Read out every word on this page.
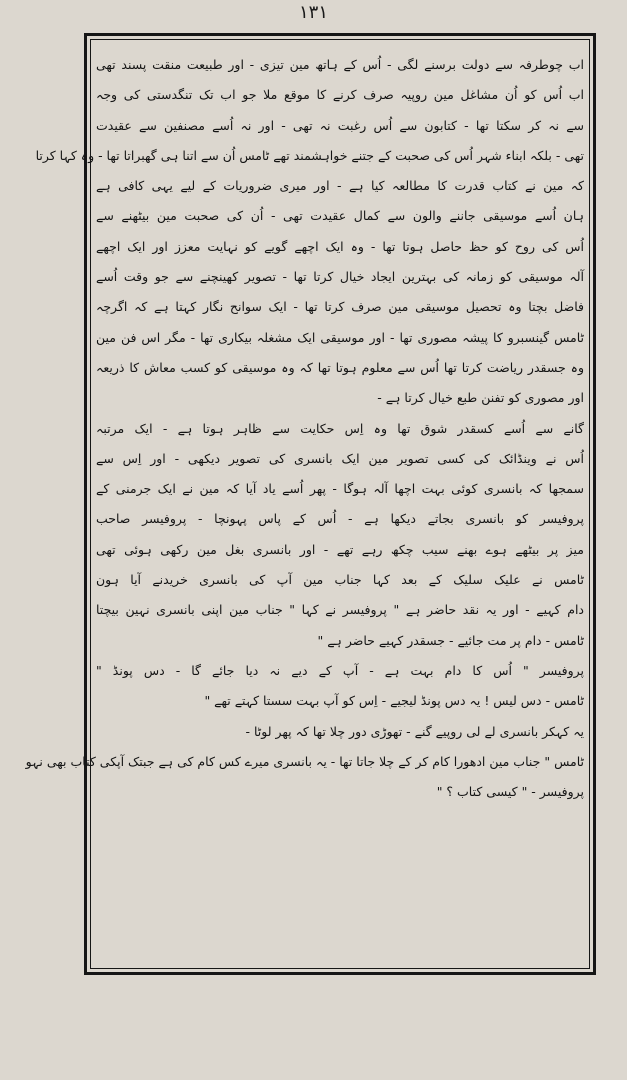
۱۳۱
اب چوطرفہ سے دولت برسنے لگی - اُس کے ہاتھ مین تیزی - اور طبیعت منقت پسند تھی
اب اُس کو اُن مشاغل مین روپیہ صرف کرنے کا موقع ملا جو اب تک تنگدستی کی وجہ
سے نہ کر سکتا تھا - کتابون سے اُس رغبت نہ تھی - اور نہ اُسے مصنفین سے عقیدت
تھی - بلکہ ابناء شہر اُس کی صحبت کے جتنے خواہشمند تھے ٹامس اُن سے اتنا ہی گھبراتا تھا - وہ کہا کرتا
کہ مین نے کتاب قدرت کا مطالعہ کیا ہے - اور میری ضروریات کے لیے یہی کافی ہے
ہان اُسے موسیقی جاننے والون سے کمال عقیدت تھی - اُن کی صحبت مین بیٹھنے سے
اُس کی روح کو حظ حاصل ہوتا تھا - وہ ایک اچھے گویے کو نہایت معزز اور ایک اچھے
آلہ موسیقی کو زمانہ کی بہترین ایجاد خیال کرتا تھا - تصویر کھینچنے سے جو وقت اُسے
فاضل بچتا وہ تحصیل موسیقی مین صرف کرتا تھا - ایک سوانح نگار کہتا ہے کہ اگرچہ
ٹامس گینسبرو کا پیشہ مصوری تھا - اور موسیقی ایک مشغلہ بیکاری تھا - مگر اس فن مین
وہ جسقدر ریاضت کرتا تھا اُس سے معلوم ہوتا تھا کہ وہ موسیقی کو کسب معاش کا ذریعہ
اور مصوری کو تفنن طبع خیال کرتا ہے -
گانے سے اُسے کسقدر شوق تھا وہ اِس حکایت سے ظاہر ہوتا ہے - ایک مرتبہ
اُس نے وینڈائک کی کسی تصویر مین ایک بانسری کی تصویر دیکھی - اور اِس سے
سمجھا کہ بانسری کوئی بہت اچھا آلہ ہوگا - پھر اُسے یاد آیا کہ مین نے ایک جرمنی کے
پروفیسر کو بانسری بجاتے دیکھا ہے - اُس کے پاس پہونچا - پروفیسر صاحب
میز پر بیٹھے ہوے بھنے سیب چکھ رہے تھے - اور بانسری بغل مین رکھی ہوئی تھی
ٹامس نے علیک سلیک کے بعد کہا جناب مین آپ کی بانسری خریدنے آیا ہون
دام کہیے - اور یہ نقد حاضر ہے " پروفیسر نے کہا " جناب مین اپنی بانسری نہین بیچتا
ٹامس - دام پر مت جائیے - جسقدر کہیے حاضر ہے "
پروفیسر " اُس کا دام بہت ہے - آپ کے دیے نہ دیا جائے گا - دس پونڈ "
ٹامس - دس لیس ! یہ دس پونڈ لیجیے - اِس کو آپ بہت سستا کہتے تھے "
یہ کہکر بانسری لے لی روپیے گنے - تھوڑی دور چلا تھا کہ پھر لوٹا -
ٹامس " جناب مین ادھورا کام کر کے چلا جاتا تھا - یہ بانسری میرے کس کام کی ہے جبتک آپکی کتاب بھی نہو
پروفیسر - " کیسی کتاب ؟ "
